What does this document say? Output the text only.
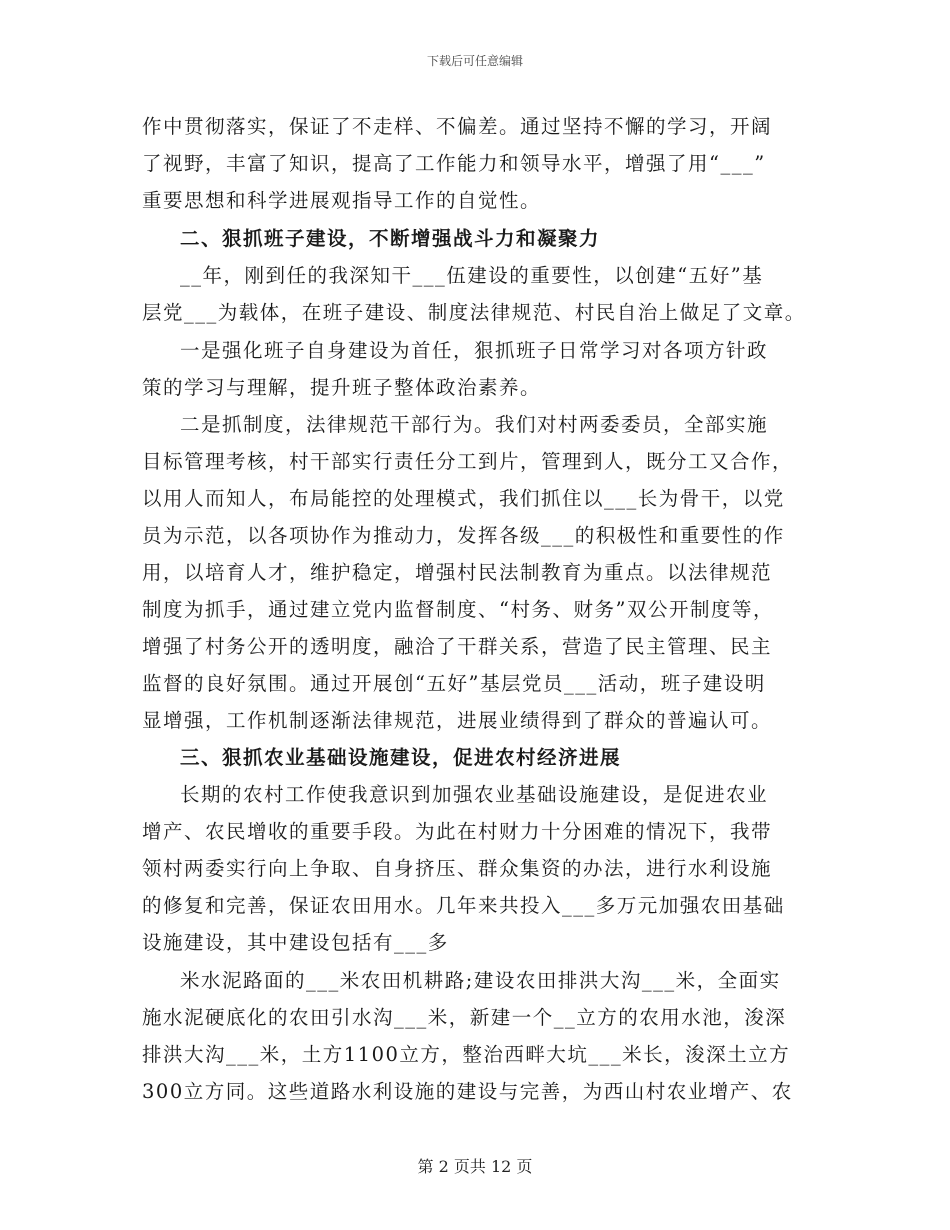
下载后可任意编辑
作中贯彻落实，保证了不走样、不偏差。通过坚持不懈的学习，开阔
了视野，丰富了知识，提高了工作能力和领导水平，增强了用“___”
重要思想和科学进展观指导工作的自觉性。
二、狠抓班子建设，不断增强战斗力和凝聚力
__年，刚到任的我深知干___伍建设的重要性，以创建“五好”基
层党___为载体，在班子建设、制度法律规范、村民自治上做足了文章。
一是强化班子自身建设为首任，狠抓班子日常学习对各项方针政
策的学习与理解，提升班子整体政治素养。
二是抓制度，法律规范干部行为。我们对村两委委员，全部实施
目标管理考核，村干部实行责任分工到片，管理到人，既分工又合作，
以用人而知人，布局能控的处理模式，我们抓住以___长为骨干，以党
员为示范，以各项协作为推动力，发挥各级___的积极性和重要性的作
用，以培育人才，维护稳定，增强村民法制教育为重点。以法律规范
制度为抓手，通过建立党内监督制度、“村务、财务”双公开制度等，
增强了村务公开的透明度，融洽了干群关系，营造了民主管理、民主
监督的良好氛围。通过开展创“五好”基层党员___活动，班子建设明
显增强，工作机制逐渐法律规范，进展业绩得到了群众的普遍认可。
三、狠抓农业基础设施建设，促进农村经济进展
长期的农村工作使我意识到加强农业基础设施建设，是促进农业
增产、农民增收的重要手段。为此在村财力十分困难的情况下，我带
领村两委实行向上争取、自身挤压、群众集资的办法，进行水利设施
的修复和完善，保证农田用水。几年来共投入___多万元加强农田基础
设施建设，其中建设包括有___多
米水泥路面的___米农田机耕路;建设农田排洪大沟___米，全面实
施水泥硬底化的农田引水沟___米，新建一个__立方的农用水池，浚深
排洪大沟___米，土方1100立方，整治西畔大坑___米长，浚深土立方
300立方同。这些道路水利设施的建设与完善，为西山村农业增产、农
第 2 页共 12 页
